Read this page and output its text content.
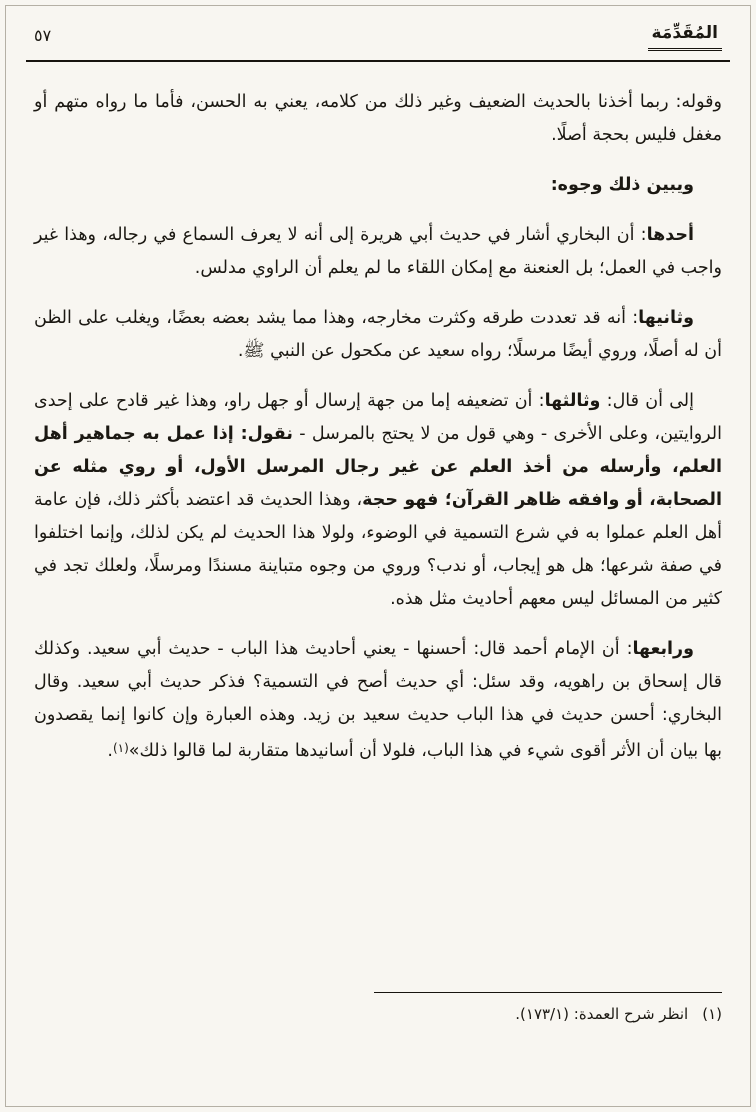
المُقَدِّمَة
٥٧

وقوله: ربما أخذنا بالحديث الضعيف وغير ذلك من كلامه، يعني به الحسن، فأما ما رواه متهم أو مغفل فليس بحجة أصلًا.

ويبين ذلك وجوه:

أحدها: أن البخاري أشار في حديث أبي هريرة إلى أنه لا يعرف السماع في رجاله، وهذا غير واجب في العمل؛ بل العنعنة مع إمكان اللقاء ما لم يعلم أن الراوي مدلس.

وثانيها: أنه قد تعددت طرقه وكثرت مخارجه، وهذا مما يشد بعضه بعضًا، ويغلب على الظن أن له أصلًا، وروي أيضًا مرسلًا؛ رواه سعيد عن مكحول عن النبي ﷺ.

إلى أن قال: وثالثها: أن تضعيفه إما من جهة إرسال أو جهل راو، وهذا غير قادح على إحدى الروايتين، وعلى الأخرى - وهي قول من لا يحتج بالمرسل - نقول: إذا عمل به جماهير أهل العلم، وأرسله من أخذ العلم عن غير رجال المرسل الأول، أو روي مثله عن الصحابة، أو وافقه ظاهر القرآن؛ فهو حجة، وهذا الحديث قد اعتضد بأكثر ذلك، فإن عامة أهل العلم عملوا به في شرع التسمية في الوضوء، ولولا هذا الحديث لم يكن لذلك، وإنما اختلفوا في صفة شرعها؛ هل هو إيجاب، أو ندب؟ وروي من وجوه متباينة مسندًا ومرسلًا، ولعلك تجد في كثير من المسائل ليس معهم أحاديث مثل هذه.

ورابعها: أن الإمام أحمد قال: أحسنها - يعني أحاديث هذا الباب - حديث أبي سعيد. وكذلك قال إسحاق بن راهويه، وقد سئل: أي حديث أصح في التسمية؟ فذكر حديث أبي سعيد. وقال البخاري: أحسن حديث في هذا الباب حديث سعيد بن زيد. وهذه العبارة وإن كانوا إنما يقصدون بها بيان أن الأثر أقوى شيء في هذا الباب، فلولا أن أسانيدها متقاربة لما قالوا ذلك»$^{(١)}$.

(١)
انظر شرح العمدة: (١٧٣/١).
